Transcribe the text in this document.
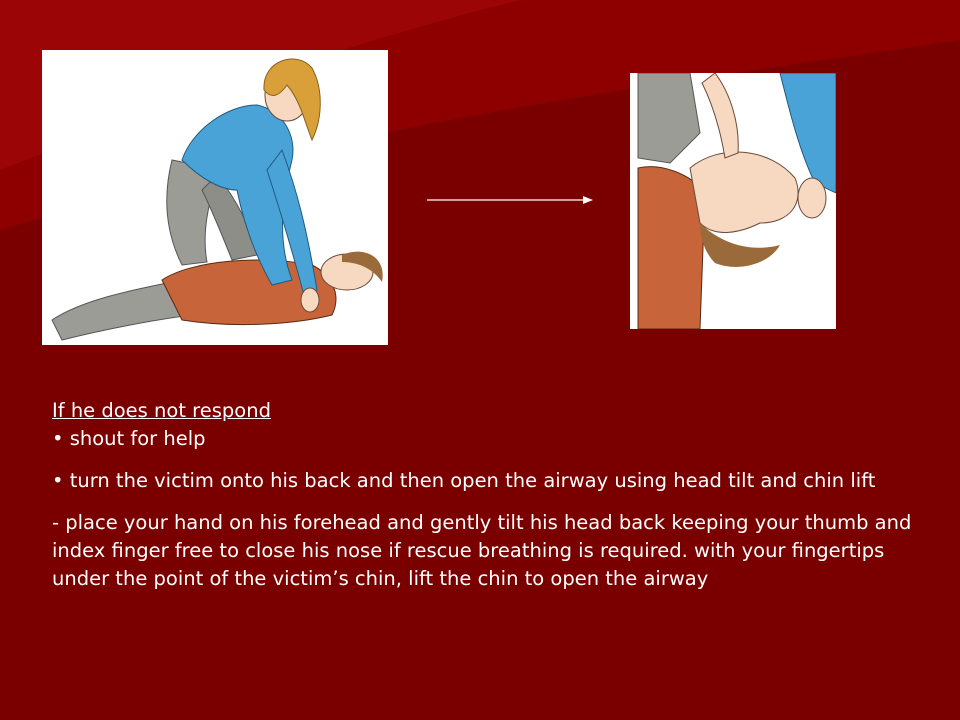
If he does not respond

• shout for help

• turn the victim onto his back and then open the airway using head tilt and chin lift

- place your hand on his forehead and gently tilt his head back keeping your thumb and index finger free to close his nose if rescue breathing is required. with your fingertips under the point of the victim’s chin, lift the chin to open the airway
